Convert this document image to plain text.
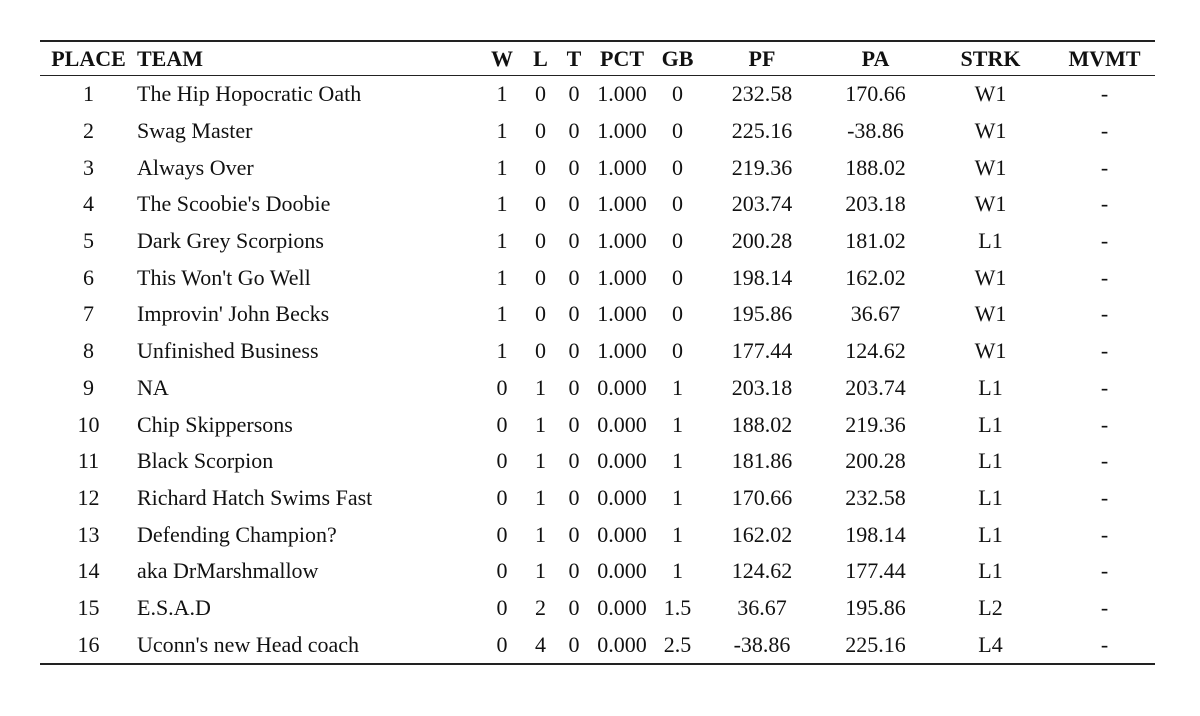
PLACE	TEAM	W	L	T	PCT	GB	PF	PA	STRK	MVMT
1	The Hip Hopocratic Oath	1	0	0	1.000	0	232.58	170.66	W1	-
2	Swag Master	1	0	0	1.000	0	225.16	-38.86	W1	-
3	Always Over	1	0	0	1.000	0	219.36	188.02	W1	-
4	The Scoobie's Doobie	1	0	0	1.000	0	203.74	203.18	W1	-
5	Dark Grey Scorpions	1	0	0	1.000	0	200.28	181.02	L1	-
6	This Won't Go Well	1	0	0	1.000	0	198.14	162.02	W1	-
7	Improvin' John Becks	1	0	0	1.000	0	195.86	36.67	W1	-
8	Unfinished Business	1	0	0	1.000	0	177.44	124.62	W1	-
9	NA	0	1	0	0.000	1	203.18	203.74	L1	-
10	Chip Skippersons	0	1	0	0.000	1	188.02	219.36	L1	-
11	Black Scorpion	0	1	0	0.000	1	181.86	200.28	L1	-
12	Richard Hatch Swims Fast	0	1	0	0.000	1	170.66	232.58	L1	-
13	Defending Champion?	0	1	0	0.000	1	162.02	198.14	L1	-
14	aka DrMarshmallow	0	1	0	0.000	1	124.62	177.44	L1	-
15	E.S.A.D	0	2	0	0.000	1.5	36.67	195.86	L2	-
16	Uconn's new Head coach	0	4	0	0.000	2.5	-38.86	225.16	L4	-
